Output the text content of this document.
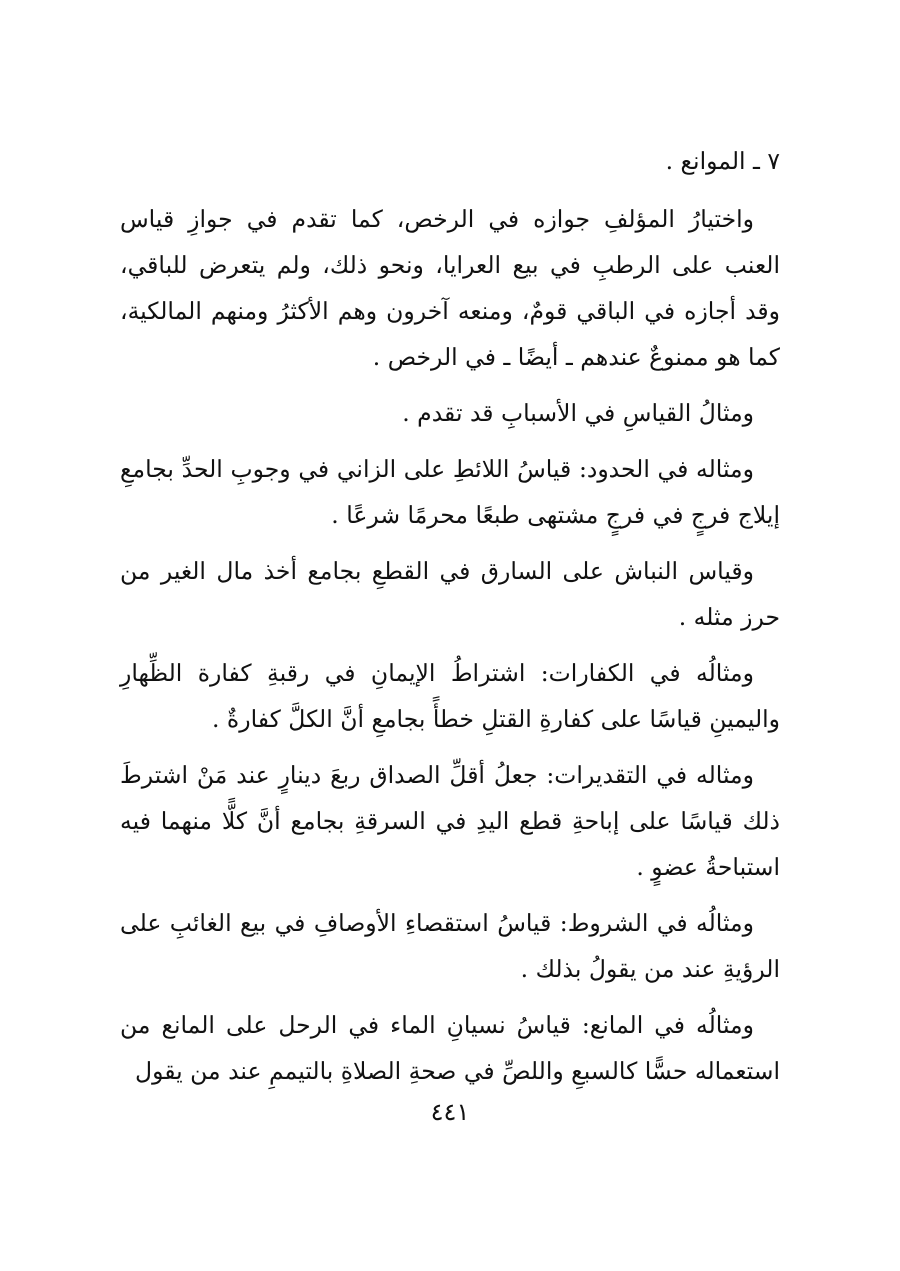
٧ ـ الموانع .

واختيارُ المؤلفِ جوازه في الرخص، كما تقدم في جوازِ قياس العنب على الرطبِ في بيع العرايا، ونحو ذلك، ولم يتعرض للباقي، وقد أجازه في الباقي قومٌ، ومنعه آخرون وهم الأكثرُ ومنهم المالكية، كما هو ممنوعٌ عندهم ـ أيضًا ـ في الرخص .

ومثالُ القياسِ في الأسبابِ قد تقدم .

ومثاله في الحدود: قياسُ اللائطِ على الزاني في وجوبِ الحدِّ بجامعِ إيلاج فرجٍ في فرجٍ مشتهى طبعًا محرمًا شرعًا .

وقياس النباش على السارق في القطعِ بجامع أخذ مال الغير من حرز مثله .

ومثالُه في الكفارات: اشتراطُ الإيمانِ في رقبةِ كفارة الظِّهارِ واليمينِ قياسًا على كفارةِ القتلِ خطأً بجامعِ أنَّ الكلَّ كفارةٌ .

ومثاله في التقديرات: جعلُ أقلِّ الصداق ربعَ دينارٍ عند مَنْ اشترطَ ذلك قياسًا على إباحةِ قطع اليدِ في السرقةِ بجامع أنَّ كلًّا منهما فيه استباحةُ عضوٍ .

ومثالُه في الشروط: قياسُ استقصاءِ الأوصافِ في بيع الغائبِ على الرؤيةِ عند من يقولُ بذلك .

ومثالُه في المانع: قياسُ نسيانِ الماء في الرحل على المانع من استعماله حسًّا كالسبعِ واللصِّ في صحةِ الصلاةِ بالتيممِ عند من يقول

٤٤١
